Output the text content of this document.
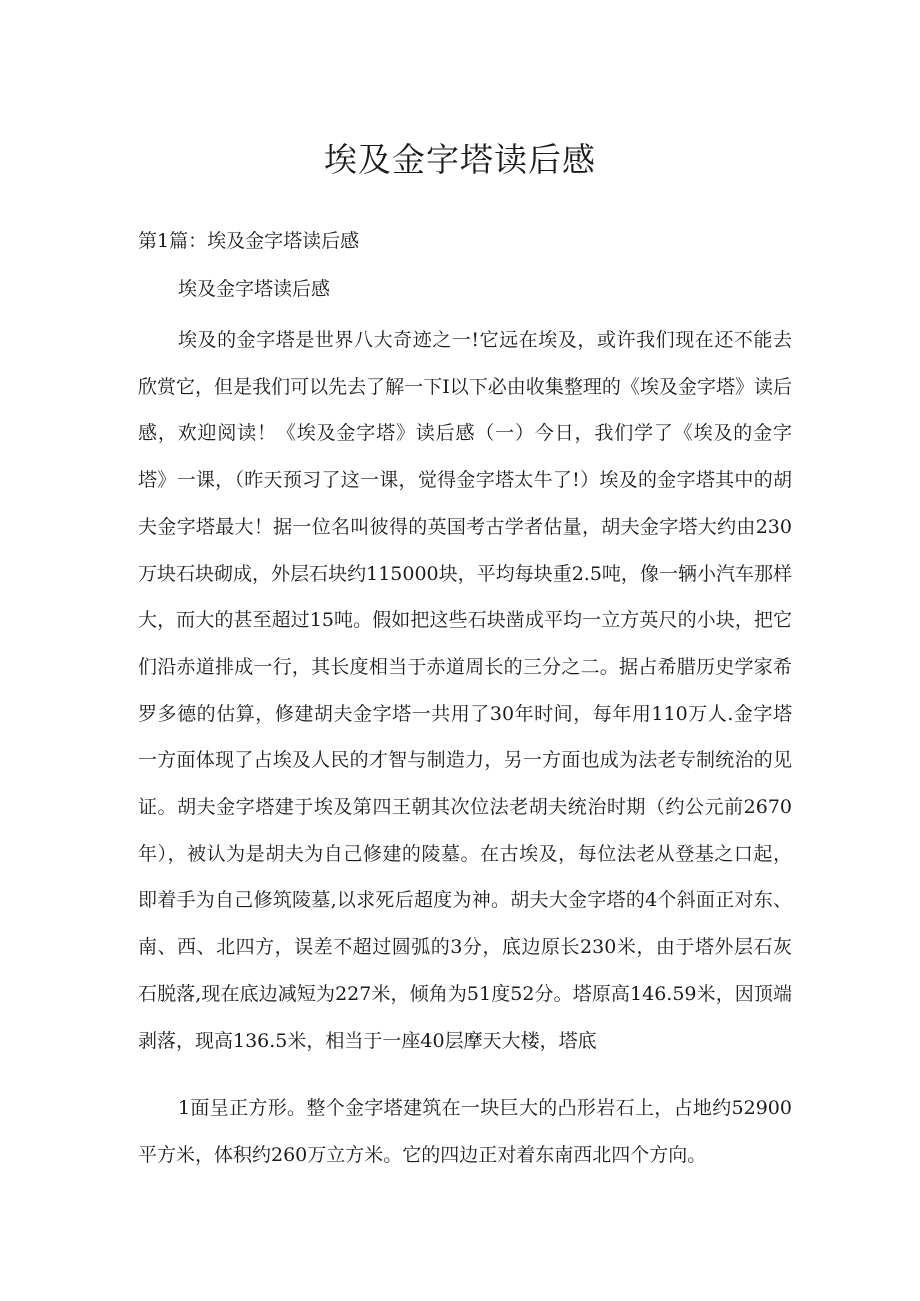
埃及金字塔读后感

第1篇：埃及金字塔读后感

埃及金字塔读后感

埃及的金字塔是世界八大奇迹之一!它远在埃及，或许我们现在还不能去欣赏它，但是我们可以先去了解一下I以下必由收集整理的《埃及金字塔》读后感，欢迎阅读！《埃及金字塔》读后感（一）今日，我们学了《埃及的金字塔》一课，（昨天预习了这一课，觉得金字塔太牛了!）埃及的金字塔其中的胡夫金字塔最大！据一位名叫彼得的英国考古学者估量，胡夫金字塔大约由230万块石块砌成，外层石块约115000块，平均每块重2.5吨，像一辆小汽车那样大，而大的甚至超过15吨。假如把这些石块凿成平均一立方英尺的小块，把它们沿赤道排成一行，其长度相当于赤道周长的三分之二。据占希腊历史学家希罗多德的估算，修建胡夫金字塔一共用了30年时间，每年用110万人.金字塔一方面体现了占埃及人民的才智与制造力，另一方面也成为法老专制统治的见证。胡夫金字塔建于埃及第四王朝其次位法老胡夫统治时期（约公元前2670年），被认为是胡夫为自己修建的陵墓。在古埃及，每位法老从登基之口起，即着手为自己修筑陵墓,以求死后超度为神。胡夫大金字塔的4个斜面正对东、南、西、北四方，误差不超过圆弧的3分，底边原长230米，由于塔外层石灰石脱落,现在底边减短为227米，倾角为51度52分。塔原高146.59米，因顶端剥落，现高136.5米，相当于一座40层摩天大楼，塔底

1面呈正方形。整个金字塔建筑在一块巨大的凸形岩石上，占地约52900平方米，体积约260万立方米。它的四边正对着东南西北四个方向。
